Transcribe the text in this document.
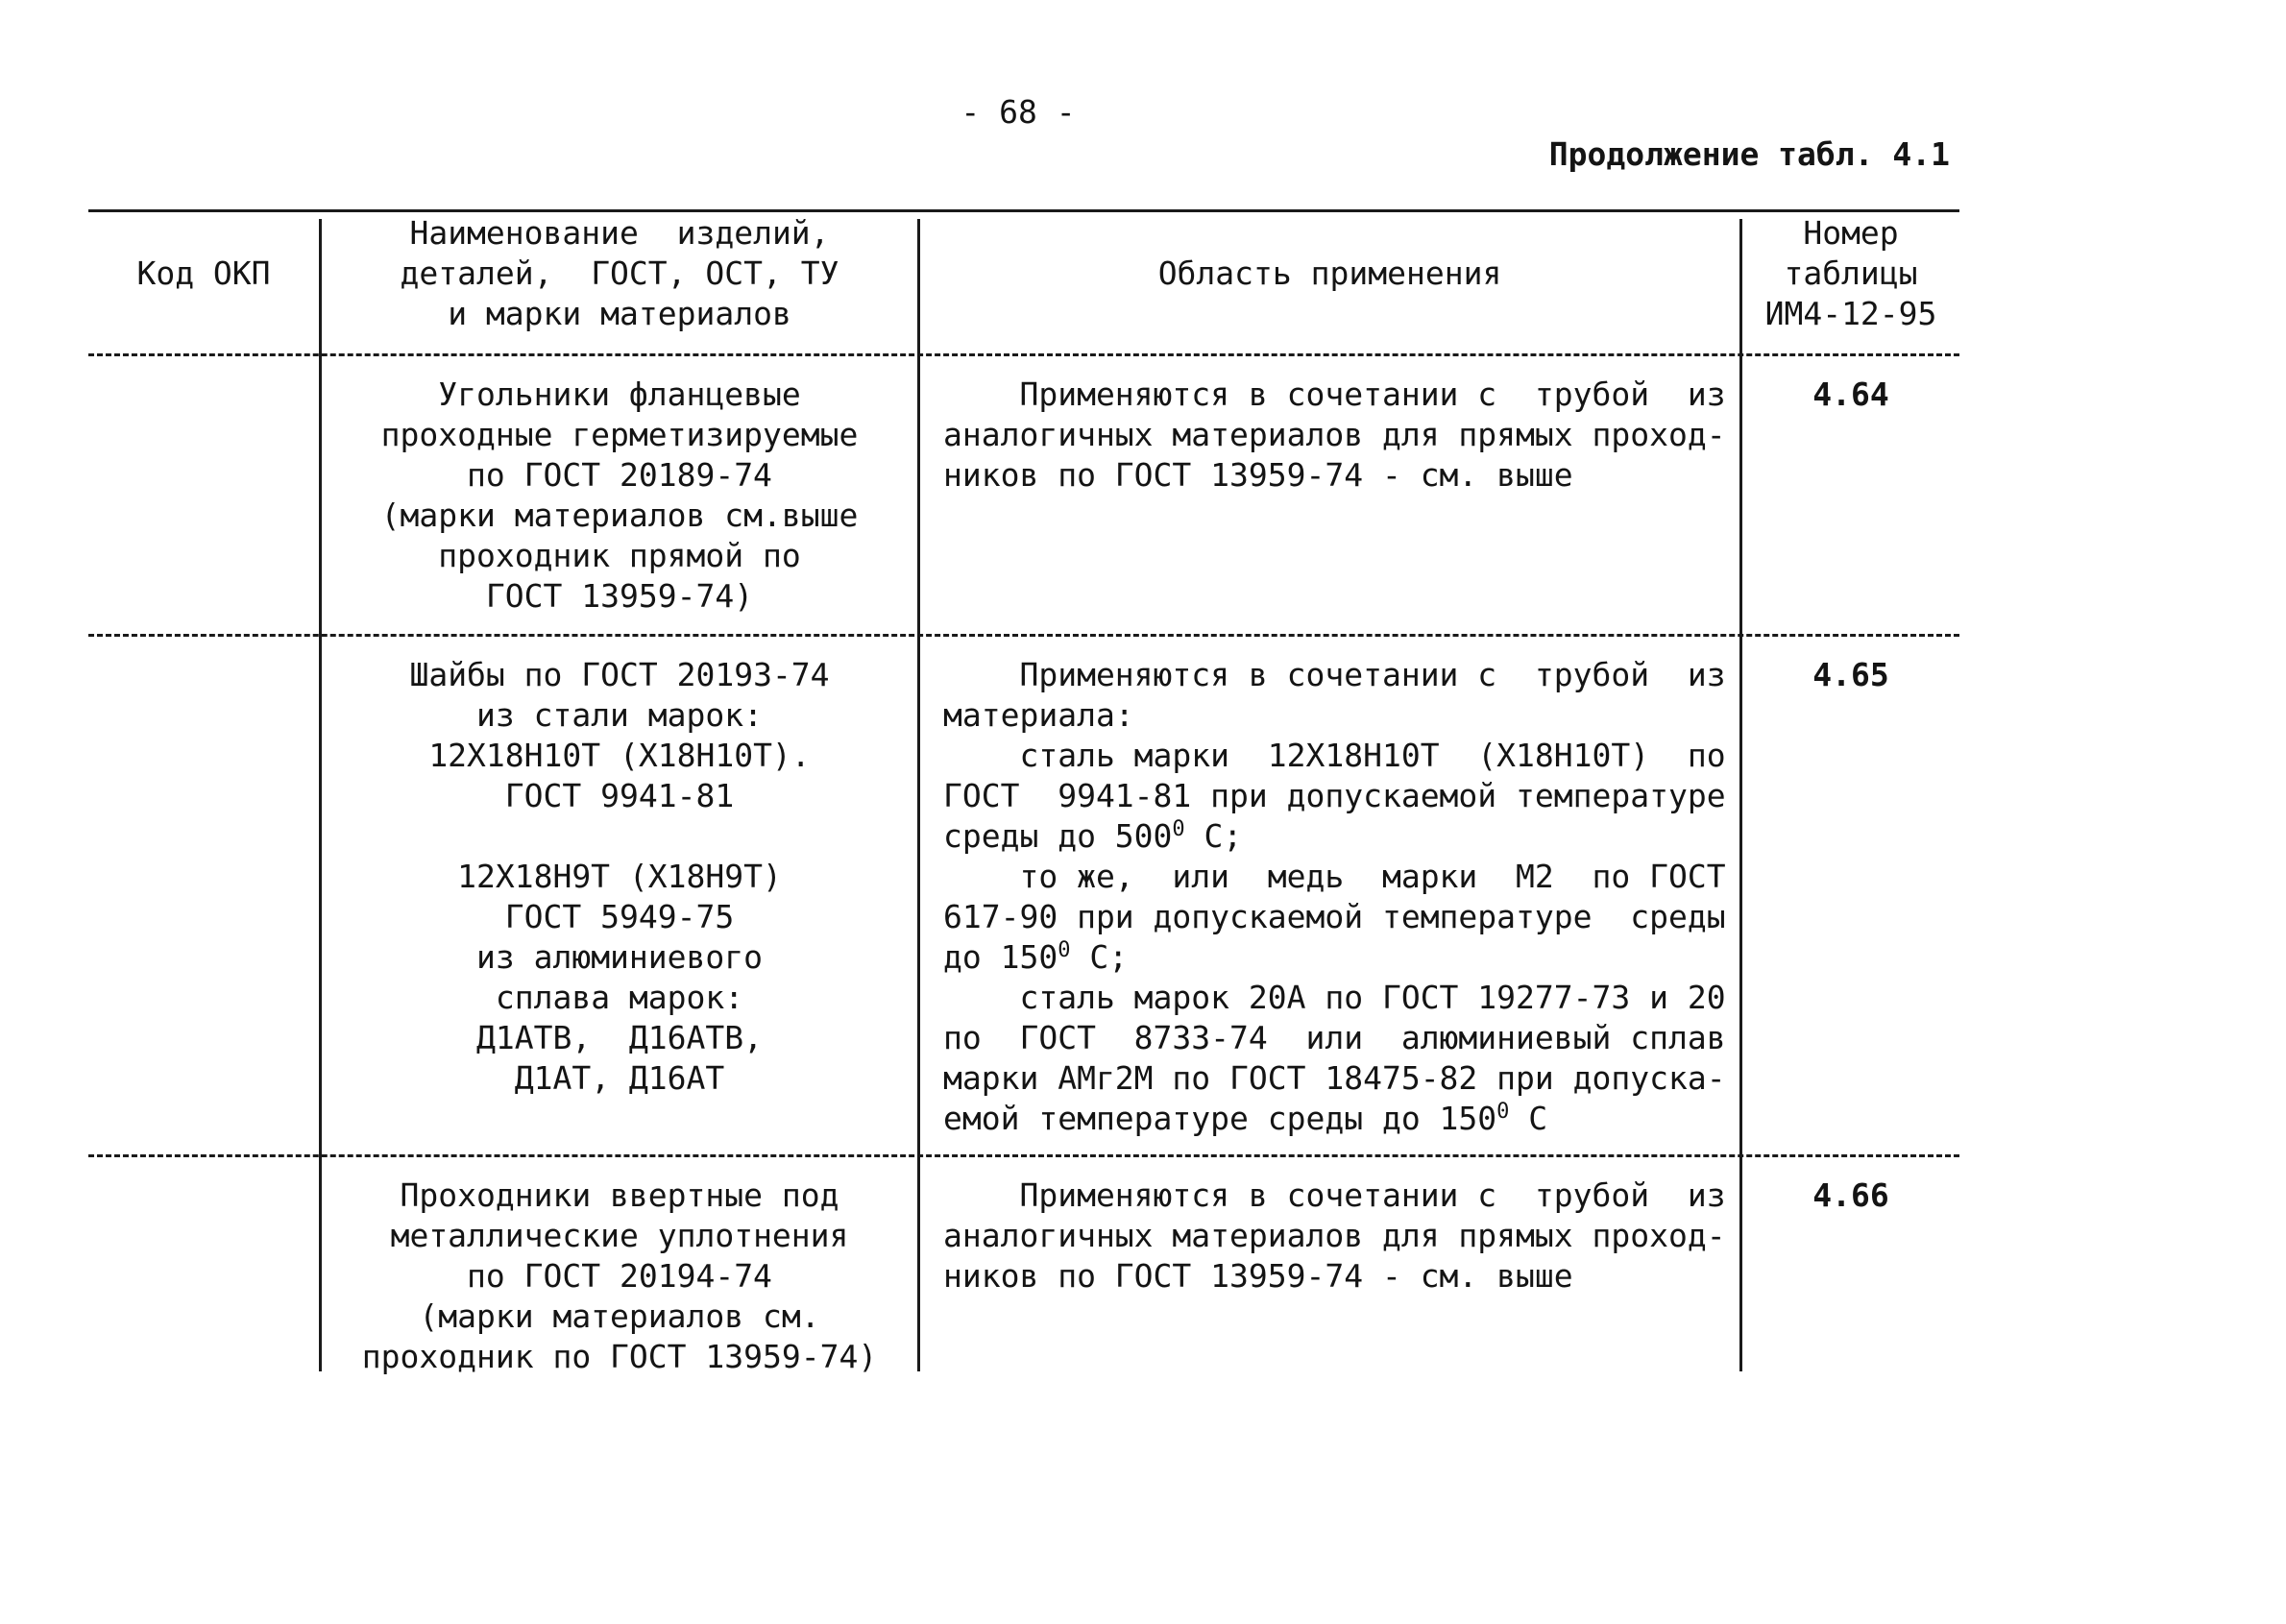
- 68 -
Продолжение табл. 4.1
Код ОКП
Наименование  изделий,
деталей,  ГОСТ, ОСТ, ТУ
и марки материалов
Область применения
Номер
таблицы
ИМ4-12-95
Угольники фланцевые
проходные герметизируемые
по ГОСТ 20189-74
(марки материалов см.выше
проходник прямой по
ГОСТ 13959-74)
Применяются в сочетании с  трубой  из
аналогичных материалов для прямых проход-
ников по ГОСТ 13959-74 - см. выше
4.64
Шайбы по ГОСТ 20193-74
из стали марок:
12Х18Н10Т (Х18Н10Т).
ГОСТ 9941-81

12Х18Н9Т (Х18Н9Т)
ГОСТ 5949-75
из алюминиевого
сплава марок:
Д1АТВ,  Д16АТВ,
Д1АТ, Д16АТ
Применяются в сочетании с  трубой  из
материала:
сталь марки  12Х18Н10Т  (Х18Н10Т)  по
ГОСТ  9941-81 при допускаемой температуре
среды до $500^0$ С;
то же,  или  медь  марки  М2  по ГОСТ
617-90 при допускаемой температуре  среды
до $150^0$ С;
сталь марок 20А по ГОСТ 19277-73 и 20
по  ГОСТ  8733-74  или  алюминиевый сплав
марки АМг2М по ГОСТ 18475-82 при допуска-
емой температуре среды до $150^0$ С
4.65
Проходники ввертные под
металлические уплотнения
по ГОСТ 20194-74
(марки материалов см.
проходник по ГОСТ 13959-74)
Применяются в сочетании с  трубой  из
аналогичных материалов для прямых проход-
ников по ГОСТ 13959-74 - см. выше
4.66
